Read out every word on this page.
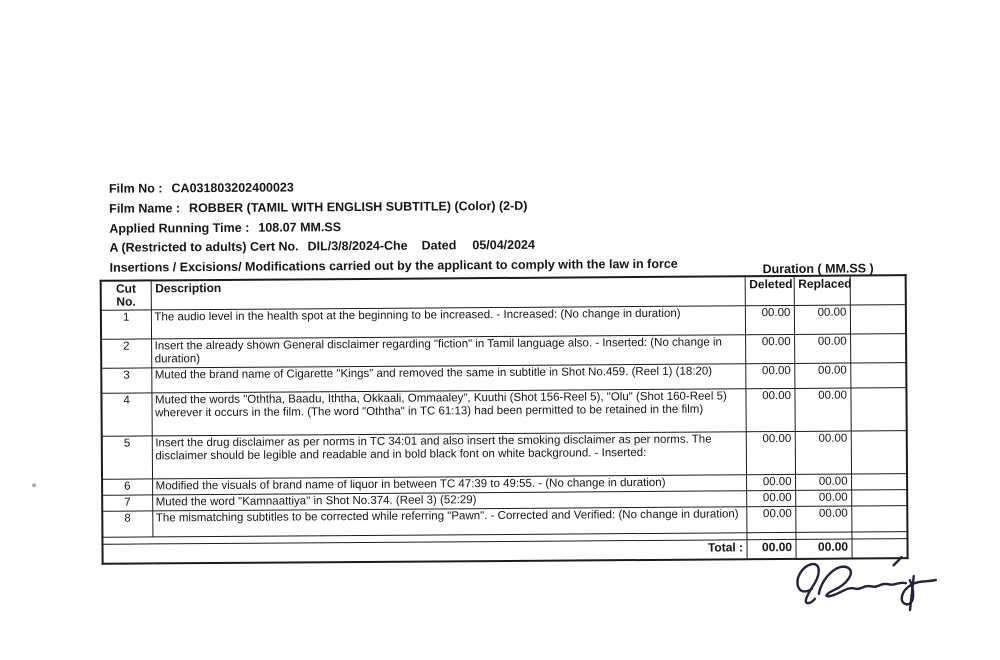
Film No : CA031803202400023
Film Name : ROBBER (TAMIL WITH ENGLISH SUBTITLE) (Color) (2-D)
Applied Running Time : 108.07 MM.SS
A (Restricted to adults) Cert No. DIL/3/8/2024-Che Dated 05/04/2024
Insertions / Excisions/ Modifications carried out by the applicant to comply with the law in force	Duration ( MM.SS )
Cut No.	Description	Deleted	Replaced	
1	The audio level in the health spot at the beginning to be increased. - Increased: (No change in duration)	00.00	00.00	
2	Insert the already shown General disclaimer regarding "fiction" in Tamil language also. - Inserted: (No change in duration)	00.00	00.00	
3	Muted the brand name of Cigarette "Kings" and removed the same in subtitle in Shot No.459. (Reel 1) (18:20)	00.00	00.00	
4	Muted the words "Oththa, Baadu, Iththa, Okkaali, Ommaaley", Kuuthi (Shot 156-Reel 5), "Olu" (Shot 160-Reel 5) wherever it occurs in the film. (The word "Oththa" in TC 61:13) had been permitted to be retained in the film)	00.00	00.00	
5	Insert the drug disclaimer as per norms in TC 34:01 and also insert the smoking disclaimer as per norms. The disclaimer should be legible and readable and in bold black font on white background. - Inserted:	00.00	00.00	
6	Modified the visuals of brand name of liquor in between TC 47:39 to 49:55. - (No change in duration)	00.00	00.00	
7	Muted the word "Kamnaattiya" in Shot No.374. (Reel 3) (52:29)	00.00	00.00	
8	The mismatching subtitles to be corrected while referring "Pawn". - Corrected and Verified: (No change in duration)	00.00	00.00	

Total :		00.00	00.00	
